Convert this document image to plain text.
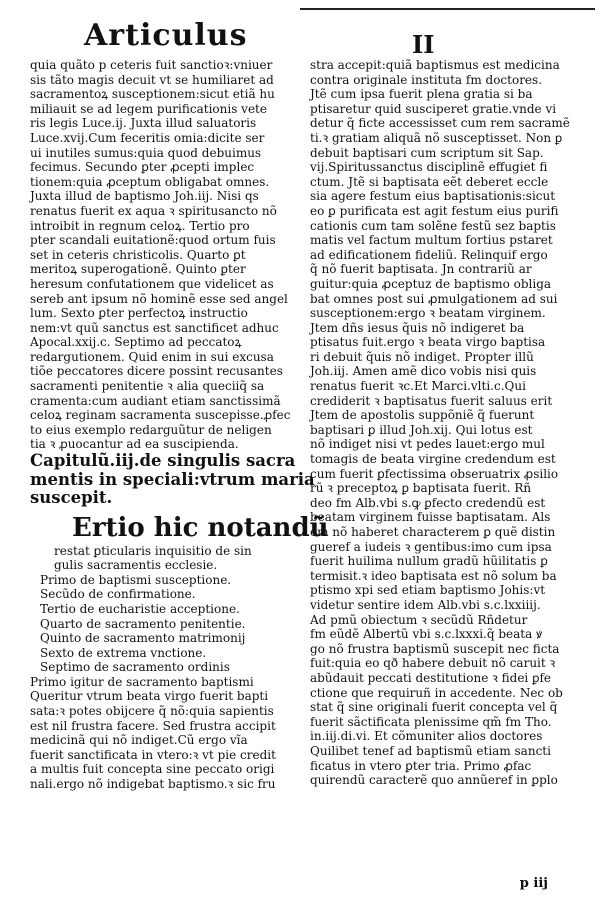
Articulus	II
quia quãto p ceteris fuit sanctioꝛ:vniuer
sis tãto magis decuit vt se humiliaret ad
sacramentoꝝ susceptionem:sicut etiã hu
miliauit se ad legem purificationis vete
ris legis Luce.ij. Juxta illud saluatoris
Luce.xvij.Cum feceritis omia:dicite ser
ui inutiles sumus:quia quod debuimus
fecimus. Secundo ꝑter ꝓcepti implec
tionem:quia ꝓceptum obligabat omnes.
Juxta illud de baptismo Joh.iij. Nisi qs
renatus fuerit ex aqua ꝛ spiritusancto nõ
introibit in regnum celoꝝ. Tertio pro
pter scandali euitationẽ:quod ortum fuis
set in ceteris christicolis. Quarto ꝑt
meritoꝝ superogationẽ. Quinto ꝑter
heresum confutationem que videlicet as
sereb ant ipsum nõ hominẽ esse sed angel
lum. Sexto ꝑter perfectoꝝ instructio
nem:vt quũ sanctus est sanctificet adhuc
Apocal.xxij.c. Septimo ad peccatoꝝ
redargutionem. Quid enim in sui excusa
tiõe peccatores dicere possint recusantes
sacramenti penitentie ꝛ alia queciiq̃ sa
cramenta:cum audiant etiam sanctissimã
celoꝝ reginam sacramenta suscepisse.ꝓfec
to eius exemplo redarguũtur de neligen
tia ꝛ ꝓuocantur ad ea suscipienda.
Capitulũ.iij.de singulis sacra
mentis in speciali:vtrum maria
suscepit.
Ertio hic notandũ
restat ꝑticularis inquisitio de sin
gulis sacramentis ecclesie.
Primo de baptismi susceptione.
Secũdo de confirmatione.
Tertio de eucharistie acceptione.
Quarto de sacramento penitentie.
Quinto de sacramento matrimonij
Sexto de extrema vnctione.
Septimo de sacramento ordinis
Primo igitur de sacramento baptismi
Queritur vtrum beata virgo fuerit bapti
sata:ꝛ potes obijcere q̃ nõ:quia sapientis
est nil frustra facere. Sed frustra accipit
medicinã qui nõ indiget.Cũ ergo vĩa
fuerit sanctificata in vtero:ꝛ vt pie credit
a multis fuit concepta sine peccato origi
nali.ergo nõ indigebat baptismo.ꝛ sic fru
stra accepit:quiã baptismus est medicina
contra originale instituta fm doctores.
Jtẽ cum ipsa fuerit plena gratia si ba
ptisaretur quid susciperet gratie.vnde vi
detur q̃ ficte accessisset cum rem sacramẽ
ti.ꝛ gratiam aliquã nõ susceptisset. Non ꝑ
debuit baptisari cum scriptum sit Sap.
vij.Spiritussanctus disciplinẽ effugiet fi
ctum. Jtẽ si baptisata eẽt deberet eccle
sia agere festum eius baptisationis:sicut
eo ꝑ purificata est agit festum eius purifi
cationis cum tam solẽne festũ sez baptis
matis vel factum multum fortius pstaret
ad edificationem fideliũ. Relinquif ergo
q̃ nõ fuerit baptisata. Jn contrariũ ar
guitur:quia ꝓceptuz de baptismo obliga
bat omnes post sui ꝓmulgationem ad sui
susceptionem:ergo ꝛ beatam virginem.
Jtem dñs iesus q̃uis nõ indigeret ba
ptisatus fuit.ergo ꝛ beata virgo baptisa
ri debuit q̃uis nõ indiget. Propter illũ
Joh.iij. Amen amẽ dico vobis nisi quis
renatus fuerit ꝛc.Et Marci.vlti.c.Qui
crediderit ꝛ baptisatus fuerit saluus erit
Jtem de apostolis suppõniẽ q̃ fuerunt
baptisari ꝑ illud Joh.xij. Qui lotus est
nõ indiget nisi vt pedes lauet:ergo mul
tomagis de beata virgine credendum est
cum fuerit ꝑfectissima obseruatrix ꝓsilio
rũ ꝛ preceptoꝝ ꝑ baptisata fuerit. Rñ
deo fm Alb.vbi s.ꝙ ꝑfecto credendũ est
beatam virginem fuisse baptisatam. Als
em nõ haberet characterem ꝑ quẽ distin
gueref a iudeis ꝛ gentibus:imo cum ipsa
fuerit huilima nullum gradũ hũilitatis ꝑ
termisit.ꝛ ideo baptisata est nõ solum ba
ptismo xpi sed etiam baptismo Johis:vt
videtur sentire idem Alb.vbi s.c.lxxiiij.
Ad pmũ obiectum ꝛ secũdũ Rñdetur
fm eũdẽ Albertũ vbi s.c.lxxxi.q̃ beata ꝟ
go nõ frustra baptismũ suscepit nec ficta
fuit:quia eo qð habere debuit nõ caruit ꝛ
abũdauit peccati destitutione ꝛ fidei ꝑfe
ctione que requiruñ in accedente. Nec ob
stat q̃ sine originali fuerit concepta vel q̃
fuerit sãctificata plenissime qm̃ fm Tho.
in.iij.di.vi. Et cõmuniter alios doctores
Quilibet tenef ad baptismũ etiam sancti
ficatus in vtero ꝑter tria. Primo ꝓfac
quirendũ caracterẽ quo annũeref in ꝑplo
p iij
